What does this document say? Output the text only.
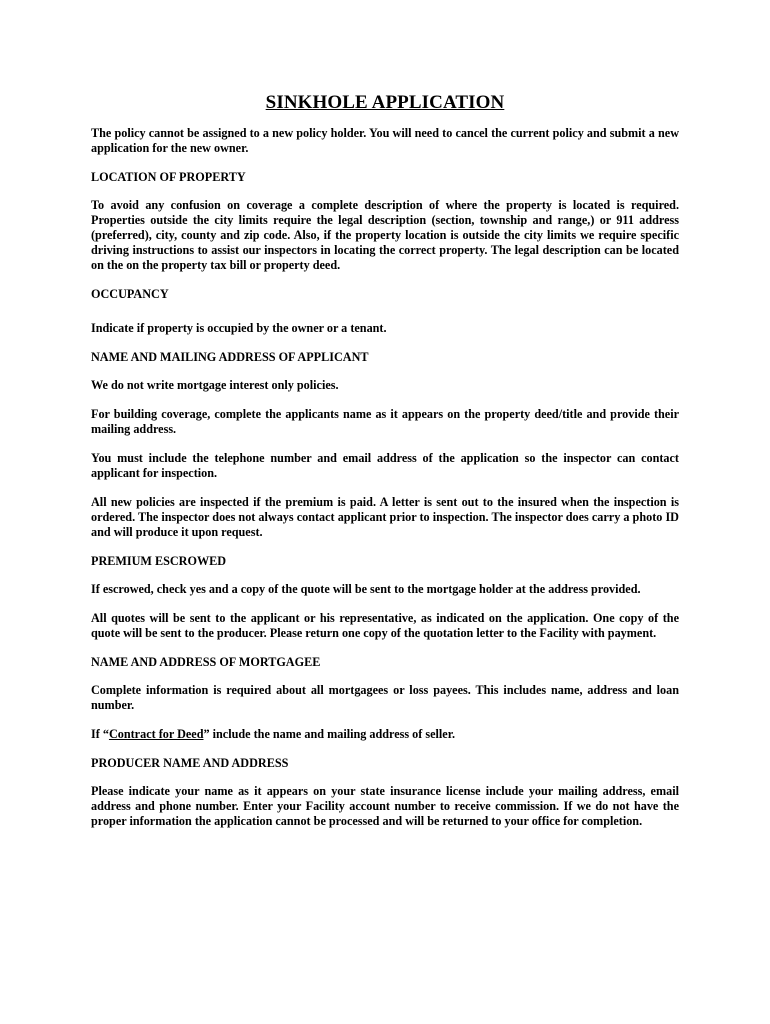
SINKHOLE APPLICATION

The policy cannot be assigned to a new policy holder. You will need to cancel the current policy and submit a new application for the new owner.

LOCATION OF PROPERTY

To avoid any confusion on coverage a complete description of where the property is located is required. Properties outside the city limits require the legal description (section, township and range,) or 911 address (preferred), city, county and zip code. Also, if the property location is outside the city limits we require specific driving instructions to assist our inspectors in locating the correct property. The legal description can be located on the on the property tax bill or property deed.

OCCUPANCY

Indicate if property is occupied by the owner or a tenant.

NAME AND MAILING ADDRESS OF APPLICANT

We do not write mortgage interest only policies.

For building coverage, complete the applicants name as it appears on the property deed/title and provide their mailing address.

You must include the telephone number and email address of the application so the inspector can contact applicant for inspection.

All new policies are inspected if the premium is paid. A letter is sent out to the insured when the inspection is ordered. The inspector does not always contact applicant prior to inspection. The inspector does carry a photo ID and will produce it upon request.

PREMIUM ESCROWED

If escrowed, check yes and a copy of the quote will be sent to the mortgage holder at the address provided.

All quotes will be sent to the applicant or his representative, as indicated on the application. One copy of the quote will be sent to the producer. Please return one copy of the quotation letter to the Facility with payment.

NAME AND ADDRESS OF MORTGAGEE

Complete information is required about all mortgagees or loss payees. This includes name, address and loan number.

If “Contract for Deed” include the name and mailing address of seller.

PRODUCER NAME AND ADDRESS

Please indicate your name as it appears on your state insurance license include your mailing address, email address and phone number. Enter your Facility account number to receive commission. If we do not have the proper information the application cannot be processed and will be returned to your office for completion.
